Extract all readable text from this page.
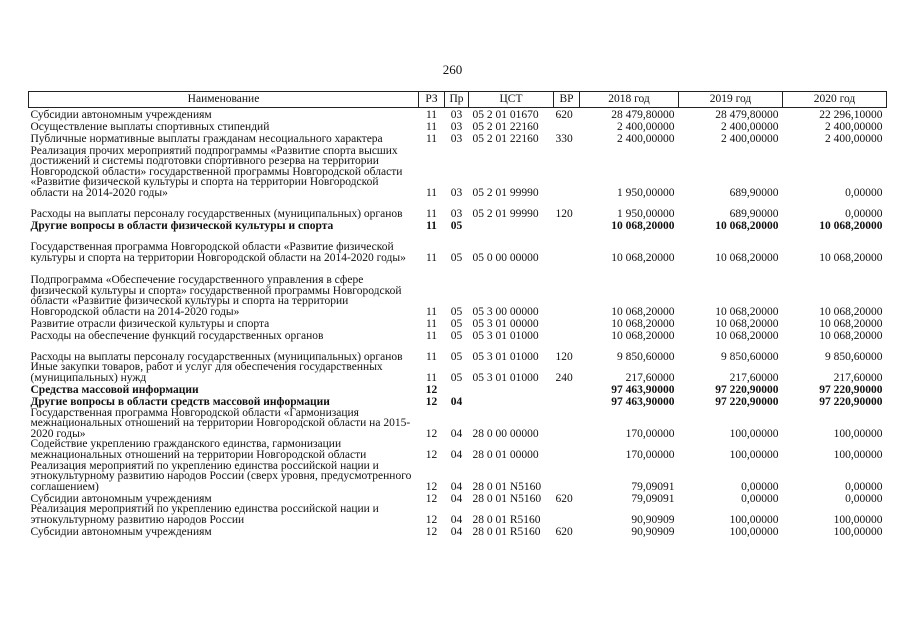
260
Наименование	РЗ	Пр	ЦСТ	ВР	2018 год	2019 год	2020 год
Субсидии автономным учреждениям	11	03	05 2 01 01670	620	28 479,80000	28 479,80000	22 296,10000
Осуществление выплаты спортивных стипендий	11	03	05 2 01 22160		2 400,00000	2 400,00000	2 400,00000
Публичные нормативные выплаты гражданам несоциального характера	11	03	05 2 01 22160	330	2 400,00000	2 400,00000	2 400,00000
Реализация прочих мероприятий подпрограммы «Развитие спорта высших достижений и системы подготовки спортивного резерва на территории Новгородской области» государственной программы Новгородской области «Развитие физической культуры и спорта на территории Новгородской области на 2014-2020 годы»	11	03	05 2 01 99990		1 950,00000	689,90000	0,00000
Расходы на выплаты персоналу государственных (муниципальных) органов	11	03	05 2 01 99990	120	1 950,00000	689,90000	0,00000
Другие вопросы в области физической культуры и спорта	11	05			10 068,20000	10 068,20000	10 068,20000
Государственная программа Новгородской области «Развитие физической культуры и спорта на территории Новгородской области на 2014-2020 годы»	11	05	05 0 00 00000		10 068,20000	10 068,20000	10 068,20000
Подпрограмма «Обеспечение государственного управления в сфере физической культуры и спорта» государственной программы Новгородской области «Развитие физической культуры и спорта на территории Новгородской области на 2014-2020 годы»	11	05	05 3 00 00000		10 068,20000	10 068,20000	10 068,20000
Развитие отрасли физической культуры и спорта	11	05	05 3 01 00000		10 068,20000	10 068,20000	10 068,20000
Расходы на обеспечение функций государственных органов	11	05	05 3 01 01000		10 068,20000	10 068,20000	10 068,20000
Расходы на выплаты персоналу государственных (муниципальных) органов	11	05	05 3 01 01000	120	9 850,60000	9 850,60000	9 850,60000
Иные закупки товаров, работ и услуг для обеспечения государственных (муниципальных) нужд	11	05	05 3 01 01000	240	217,60000	217,60000	217,60000
Средства массовой информации	12				97 463,90000	97 220,90000	97 220,90000
Другие вопросы в области средств массовой информации	12	04			97 463,90000	97 220,90000	97 220,90000
Государственная программа Новгородской области «Гармонизация межнациональных отношений на территории Новгородской области на 2015-2020 годы»	12	04	28 0 00 00000		170,00000	100,00000	100,00000
Содействие укреплению гражданского единства, гармонизации межнациональных отношений на территории Новгородской области	12	04	28 0 01 00000		170,00000	100,00000	100,00000
Реализация мероприятий по укреплению единства российской нации и этнокультурному развитию народов России (сверх уровня, предусмотренного соглашением)	12	04	28 0 01 N5160		79,09091	0,00000	0,00000
Субсидии автономным учреждениям	12	04	28 0 01 N5160	620	79,09091	0,00000	0,00000
Реализация мероприятий по укреплению единства российской нации и этнокультурному развитию народов России	12	04	28 0 01 R5160		90,90909	100,00000	100,00000
Субсидии автономным учреждениям	12	04	28 0 01 R5160	620	90,90909	100,00000	100,00000
